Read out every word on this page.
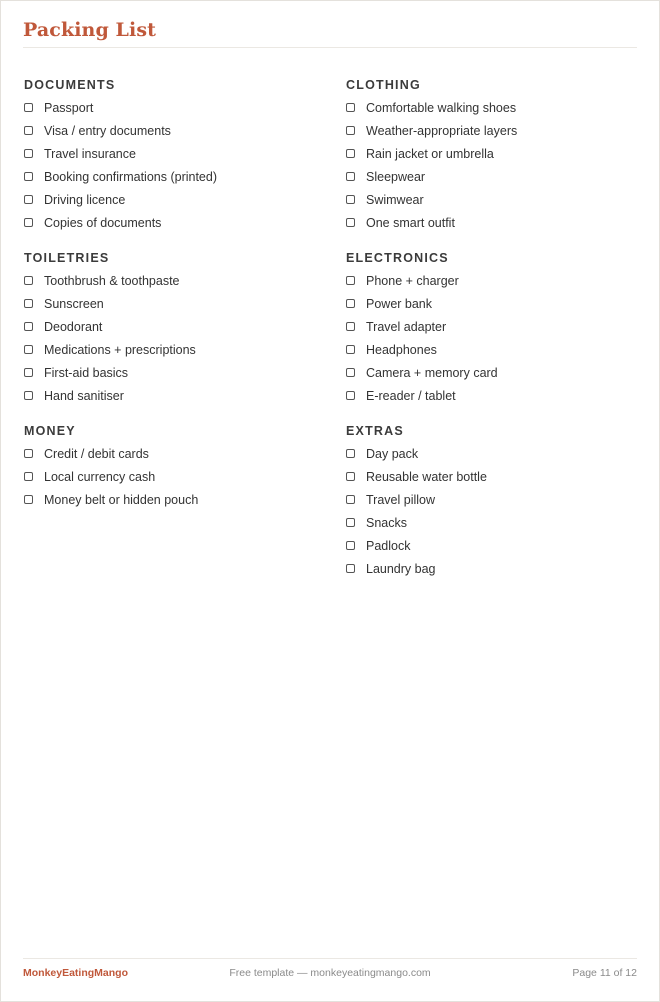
Packing List
DOCUMENTS
Passport
Visa / entry documents
Travel insurance
Booking confirmations (printed)
Driving licence
Copies of documents
TOILETRIES
Toothbrush & toothpaste
Sunscreen
Deodorant
Medications + prescriptions
First-aid basics
Hand sanitiser
MONEY
Credit / debit cards
Local currency cash
Money belt or hidden pouch
CLOTHING
Comfortable walking shoes
Weather-appropriate layers
Rain jacket or umbrella
Sleepwear
Swimwear
One smart outfit
ELECTRONICS
Phone + charger
Power bank
Travel adapter
Headphones
Camera + memory card
E-reader / tablet
EXTRAS
Day pack
Reusable water bottle
Travel pillow
Snacks
Padlock
Laundry bag
MonkeyEatingMango	Free template — monkeyeatingmango.com	Page 11 of 12
